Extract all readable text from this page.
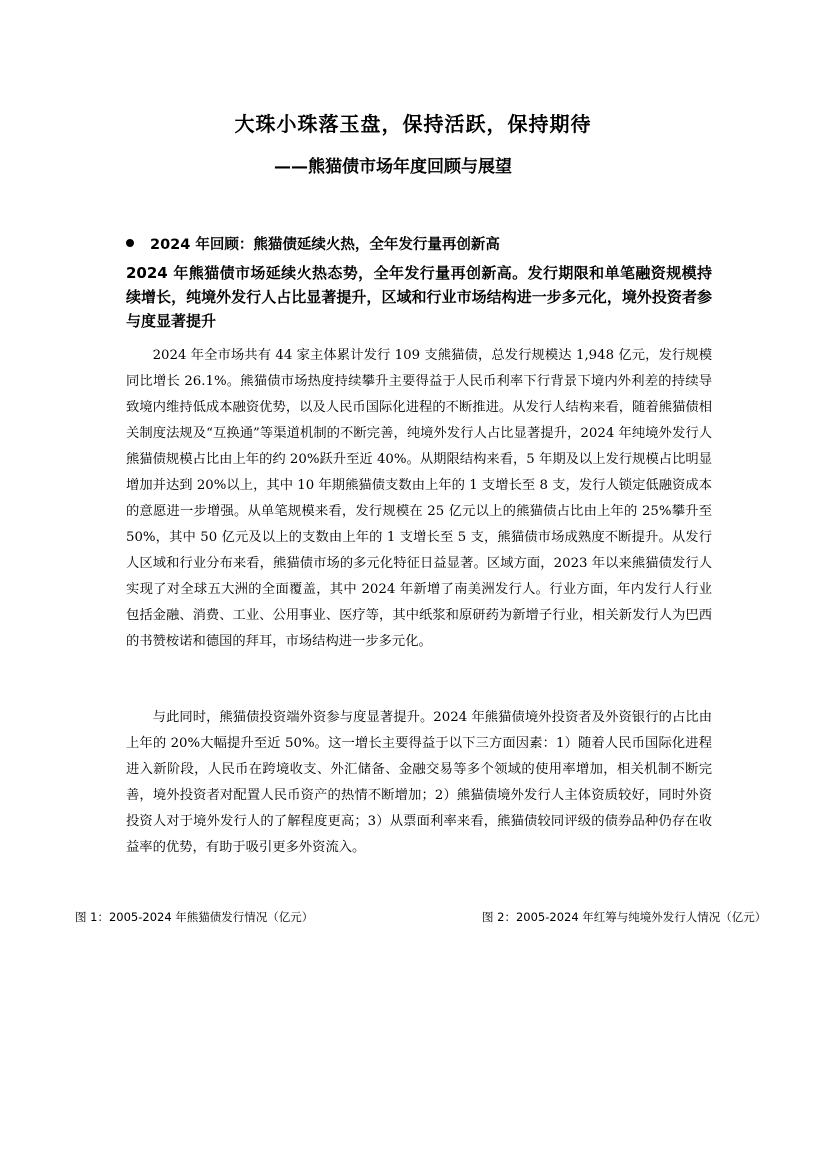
大珠小珠落玉盘，保持活跃，保持期待
——熊猫债市场年度回顾与展望
2024 年回顾：熊猫债延续火热，全年发行量再创新高
2024 年熊猫债市场延续火热态势，全年发行量再创新高。发行期限和单笔融资规模持续增长，纯境外发行人占比显著提升，区域和行业市场结构进一步多元化，境外投资者参与度显著提升

2024 年全市场共有 44 家主体累计发行 109 支熊猫债，总发行规模达 1,948 亿元，发行规模同比增长 26.1%。熊猫债市场热度持续攀升主要得益于人民币利率下行背景下境内外利差的持续导致境内维持低成本融资优势，以及人民币国际化进程的不断推进。从发行人结构来看，随着熊猫债相关制度法规及“互换通”等渠道机制的不断完善，纯境外发行人占比显著提升，2024 年纯境外发行人熊猫债规模占比由上年的约 20%跃升至近 40%。从期限结构来看，5 年期及以上发行规模占比明显增加并达到 20%以上，其中 10 年期熊猫债支数由上年的 1 支增长至 8 支，发行人锁定低融资成本的意愿进一步增强。从单笔规模来看，发行规模在 25 亿元以上的熊猫债占比由上年的 25%攀升至 50%，其中 50 亿元及以上的支数由上年的 1 支增长至 5 支，熊猫债市场成熟度不断提升。从发行人区域和行业分布来看，熊猫债市场的多元化特征日益显著。区域方面，2023 年以来熊猫债发行人实现了对全球五大洲的全面覆盖，其中 2024 年新增了南美洲发行人。行业方面，年内发行人行业包括金融、消费、工业、公用事业、医疗等，其中纸浆和原研药为新增子行业，相关新发行人为巴西的书赞桉诺和德国的拜耳，市场结构进一步多元化。

与此同时，熊猫债投资端外资参与度显著提升。2024 年熊猫债境外投资者及外资银行的占比由上年的 20%大幅提升至近 50%。这一增长主要得益于以下三方面因素：1）随着人民币国际化进程进入新阶段，人民币在跨境收支、外汇储备、金融交易等多个领域的使用率增加，相关机制不断完善，境外投资者对配置人民币资产的热情不断增加；2）熊猫债境外发行人主体资质较好，同时外资投资人对于境外发行人的了解程度更高；3）从票面利率来看，熊猫债较同评级的债券品种仍存在收益率的优势，有助于吸引更多外资流入。

图 1：2005-2024 年熊猫债发行情况（亿元）	图 2：2005-2024 年红筹与纯境外发行人情况（亿元）
